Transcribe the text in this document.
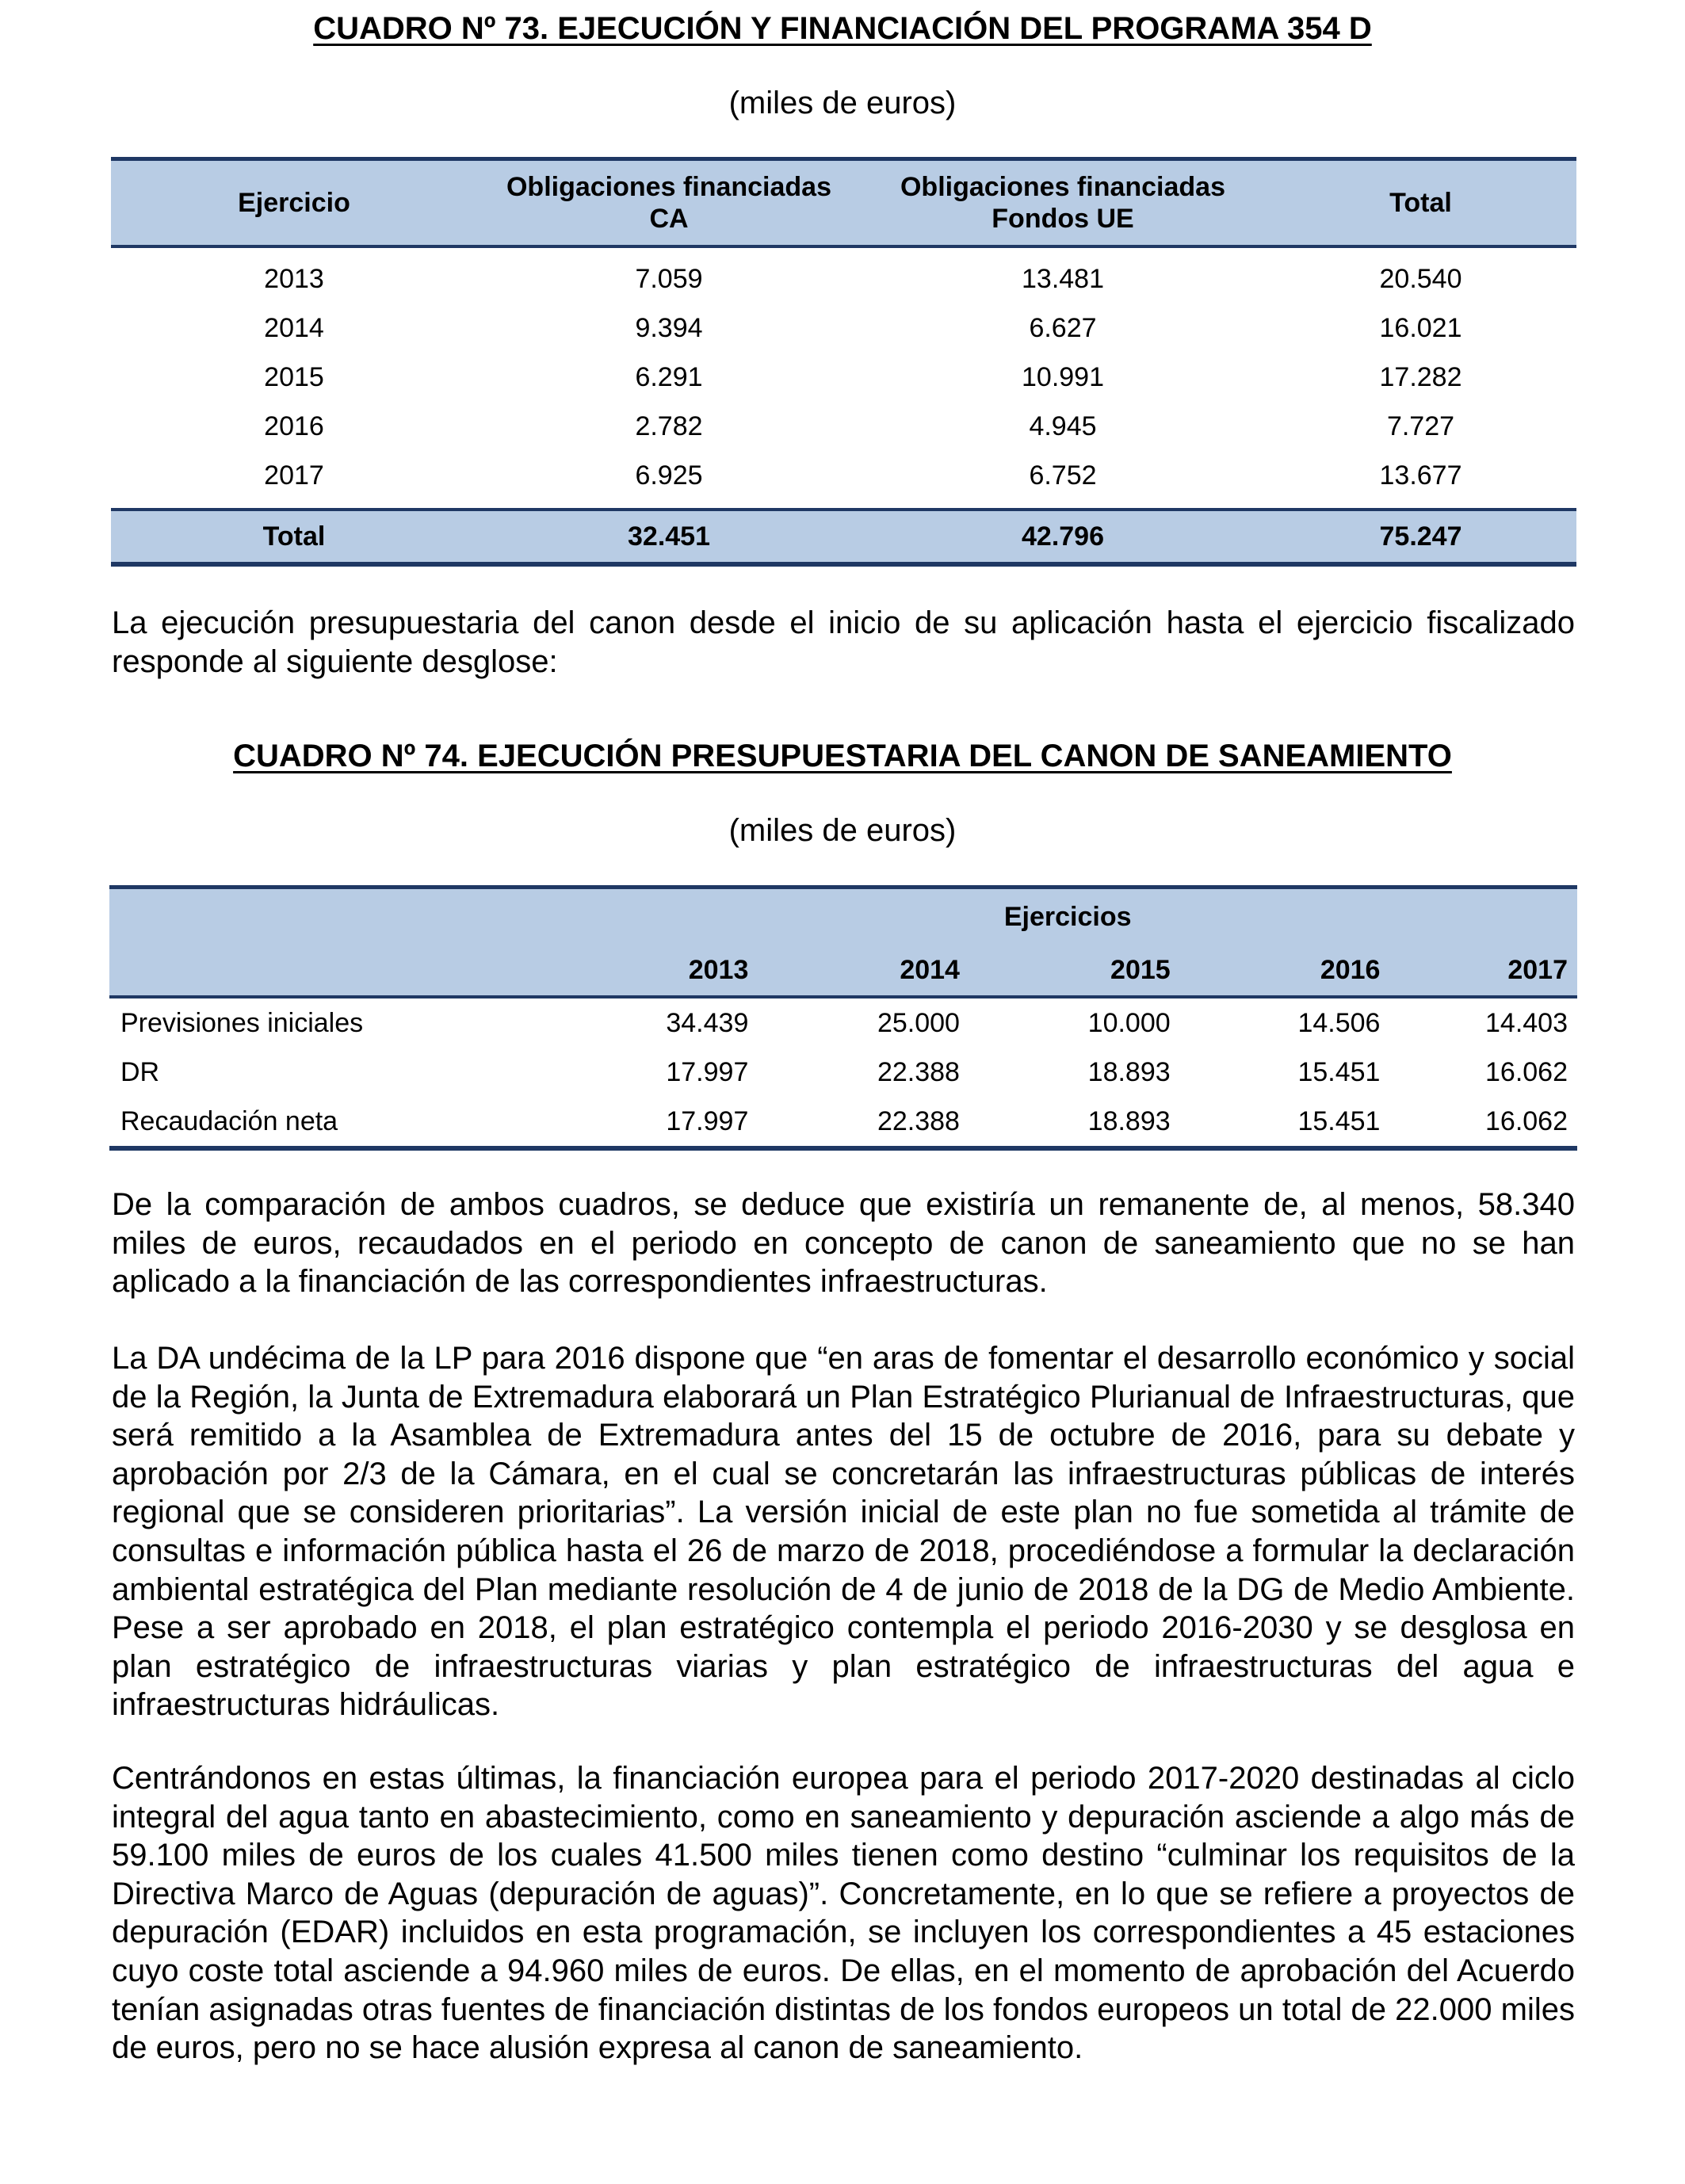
CUADRO Nº 73. EJECUCIÓN Y FINANCIACIÓN DEL PROGRAMA 354 D
(miles de euros)
Ejercicio	Obligaciones financiadas CA	Obligaciones financiadas Fondos UE	Total
2013	7.059	13.481	20.540
2014	9.394	6.627	16.021
2015	6.291	10.991	17.282
2016	2.782	4.945	7.727
2017	6.925	6.752	13.677
Total	32.451	42.796	75.247

La ejecución presupuestaria del canon desde el inicio de su aplicación hasta el ejercicio fiscalizado responde al siguiente desglose:

CUADRO Nº 74. EJECUCIÓN PRESUPUESTARIA DEL CANON DE SANEAMIENTO
(miles de euros)
	Ejercicios				
	2013	2014	2015	2016	2017
Previsiones iniciales	34.439	25.000	10.000	14.506	14.403
DR	17.997	22.388	18.893	15.451	16.062
Recaudación neta	17.997	22.388	18.893	15.451	16.062

De la comparación de ambos cuadros, se deduce que existiría un remanente de, al menos, 58.340 miles de euros, recaudados en el periodo en concepto de canon de saneamiento que no se han aplicado a la financiación de las correspondientes infraestructuras.

La DA undécima de la LP para 2016 dispone que “en aras de fomentar el desarrollo económico y social de la Región, la Junta de Extremadura elaborará un Plan Estratégico Plurianual de Infraestructuras, que será remitido a la Asamblea de Extremadura antes del 15 de octubre de 2016, para su debate y aprobación por 2/3 de la Cámara, en el cual se concretarán las infraestructuras públicas de interés regional que se consideren prioritarias”. La versión inicial de este plan no fue sometida al trámite de consultas e información pública hasta el 26 de marzo de 2018, procediéndose a formular la declaración ambiental estratégica del Plan mediante resolución de 4 de junio de 2018 de la DG de Medio Ambiente. Pese a ser aprobado en 2018, el plan estratégico contempla el periodo 2016-2030 y se desglosa en plan estratégico de infraestructuras viarias y plan estratégico de infraestructuras del agua e infraestructuras hidráulicas.

Centrándonos en estas últimas, la financiación europea para el periodo 2017-2020 destinadas al ciclo integral del agua tanto en abastecimiento, como en saneamiento y depuración asciende a algo más de 59.100 miles de euros de los cuales 41.500 miles tienen como destino “culminar los requisitos de la Directiva Marco de Aguas (depuración de aguas)”. Concretamente, en lo que se refiere a proyectos de depuración (EDAR) incluidos en esta programación, se incluyen los correspondientes a 45 estaciones cuyo coste total asciende a 94.960 miles de euros. De ellas, en el momento de aprobación del Acuerdo tenían asignadas otras fuentes de financiación distintas de los fondos europeos un total de 22.000 miles de euros, pero no se hace alusión expresa al canon de saneamiento.
